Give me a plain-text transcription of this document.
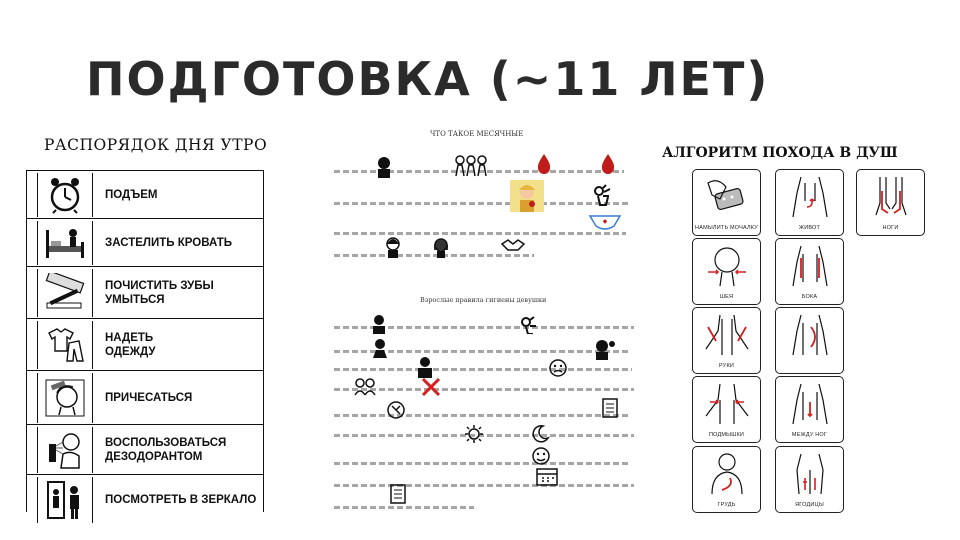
ПОДГОТОВКА (~11 ЛЕТ)
РАСПОРЯДОК ДНЯ УТРО
ПОДЪЕМ
ЗАСТЕЛИТЬ КРОВАТЬ
ПОЧИСТИТЬ ЗУБЫ
УМЫТЬСЯ
НАДЕТЬ
ОДЕЖДУ
ПРИЧЕСАТЬСЯ
ВОСПОЛЬЗОВАТЬСЯ
ДЕЗОДОРАНТОМ
ПОСМОТРЕТЬ В ЗЕРКАЛО
ЧТО ТАКОЕ МЕСЯЧНЫЕ
Взрослые правила гигиены девушки
АЛГОРИТМ ПОХОДА В ДУШ
НАМЫЛИТЬ МОЧАЛКУ
ШЕЯ
РУКИ
ПОДМЫШКИ
ГРУДЬ
ЖИВОТ
БОКА
МЕЖДУ НОГ
ЯГОДИЦЫ
НОГИ
